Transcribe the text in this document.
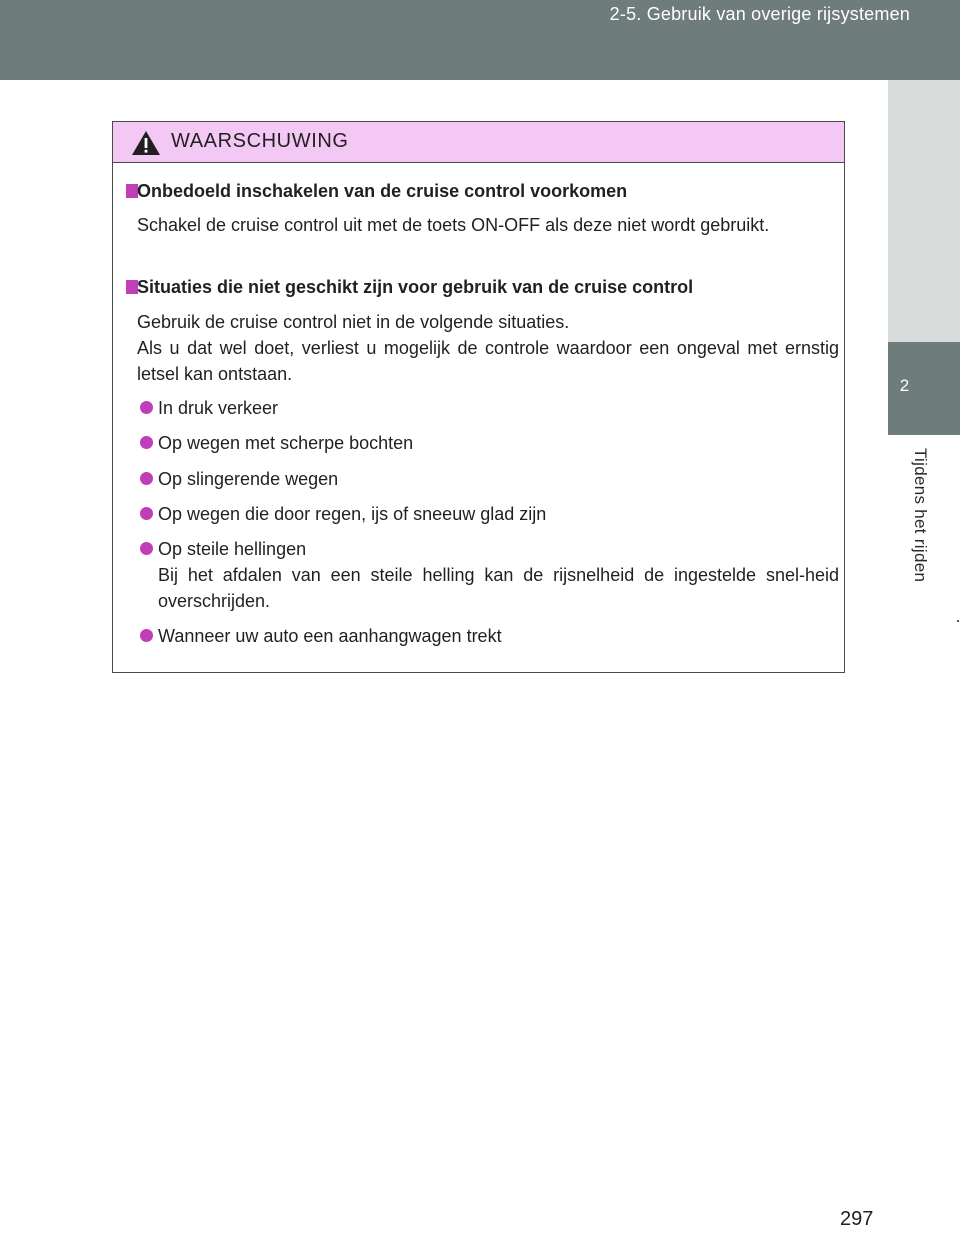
2-5. Gebruik van overige rijsystemen
2
Tijdens het rijden
WAARSCHUWING
Onbedoeld inschakelen van de cruise control voorkomen
Schakel de cruise control uit met de toets ON-OFF als deze niet wordt gebruikt.
Situaties die niet geschikt zijn voor gebruik van de cruise control
Gebruik de cruise control niet in de volgende situaties.
Als u dat wel doet, verliest u mogelijk de controle waardoor een ongeval met ernstig letsel kan ontstaan.
In druk verkeer
Op wegen met scherpe bochten
Op slingerende wegen
Op wegen die door regen, ijs of sneeuw glad zijn
Op steile hellingen

Bij het afdalen van een steile helling kan de rijsnelheid de ingestelde snel-heid overschrijden.
Wanneer uw auto een aanhangwagen trekt
297
